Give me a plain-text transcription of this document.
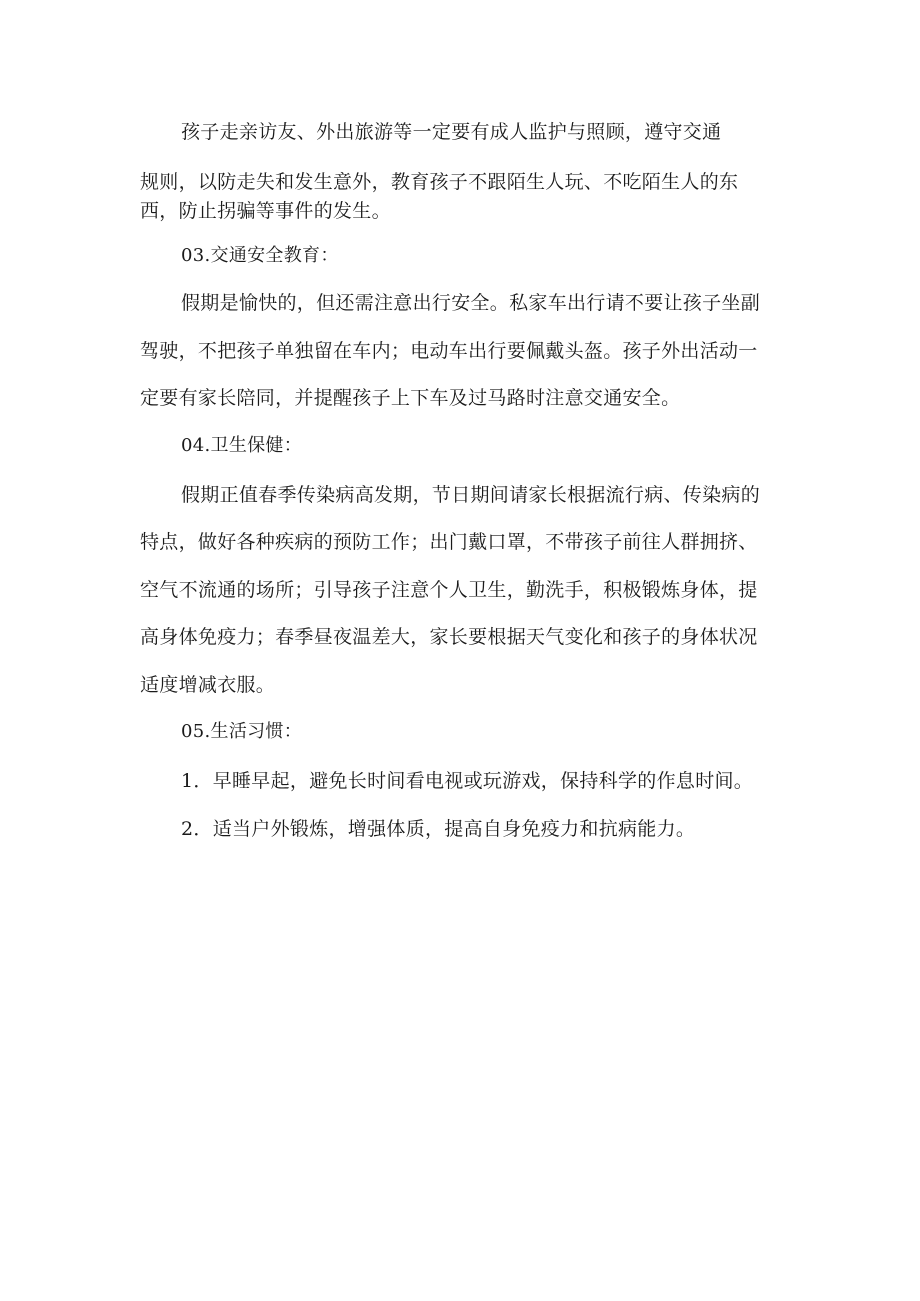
孩子走亲访友、外出旅游等一定要有成人监护与照顾，遵守交通
规则，以防走失和发生意外，教育孩子不跟陌生人玩、不吃陌生人的东
西，防止拐骗等事件的发生。
03.交通安全教育：
假期是愉快的，但还需注意出行安全。私家车出行请不要让孩子坐副
驾驶，不把孩子单独留在车内；电动车出行要佩戴头盔。孩子外出活动一
定要有家长陪同，并提醒孩子上下车及过马路时注意交通安全。
04.卫生保健：
假期正值春季传染病高发期，节日期间请家长根据流行病、传染病的
特点，做好各种疾病的预防工作；出门戴口罩，不带孩子前往人群拥挤、
空气不流通的场所；引导孩子注意个人卫生，勤洗手，积极锻炼身体，提
高身体免疫力；春季昼夜温差大，家长要根据天气变化和孩子的身体状况
适度增减衣服。
05.生活习惯：
1．早睡早起，避免长时间看电视或玩游戏，保持科学的作息时间。
2．适当户外锻炼，增强体质，提高自身免疫力和抗病能力。
